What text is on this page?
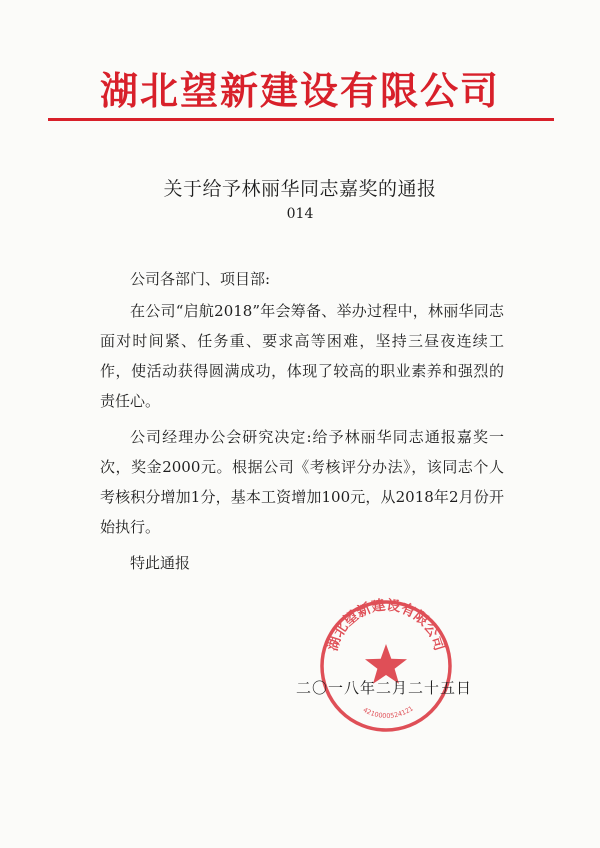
湖北望新建设有限公司
关于给予林丽华同志嘉奖的通报
014

公司各部门、项目部:

在公司“启航2018”年会筹备、举办过程中，林丽华同志面对时间紧、任务重、要求高等困难，坚持三昼夜连续工作，使活动获得圆满成功，体现了较高的职业素养和强烈的责任心。

公司经理办公会研究决定:给予林丽华同志通报嘉奖一次，奖金2000元。根据公司《考核评分办法》，该同志个人考核积分增加1分，基本工资增加100元，从2018年2月份开始执行。

特此通报

湖北望新建设有限公司
4210000524121
二〇一八年二月二十五日
